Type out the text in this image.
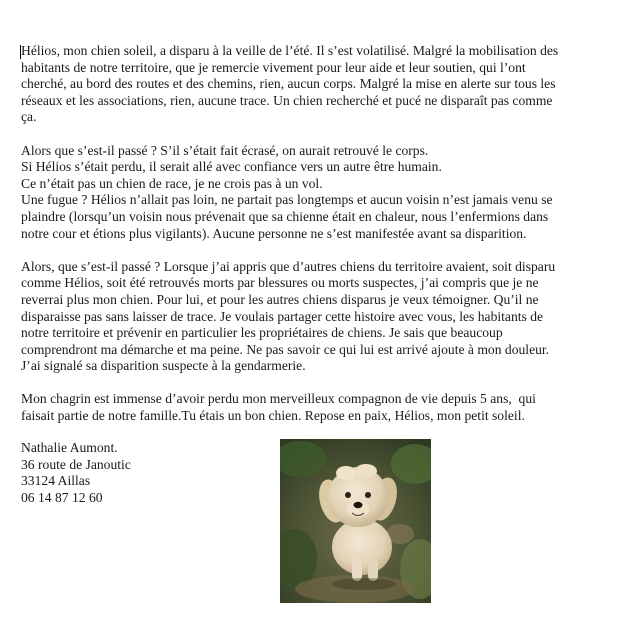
Hélios, mon chien soleil, a disparu à la veille de l’été. Il s’est volatilisé. Malgré la mobilisation des
habitants de notre territoire, que je remercie vivement pour leur aide et leur soutien, qui l’ont
cherché, au bord des routes et des chemins, rien, aucun corps. Malgré la mise en alerte sur tous les
réseaux et les associations, rien, aucune trace. Un chien recherché et pucé ne disparaît pas comme
ça.

Alors que s’est-il passé ? S’il s’était fait écrasé, on aurait retrouvé le corps.
Si Hélios s’était perdu, il serait allé avec confiance vers un autre être humain.
Ce n’était pas un chien de race, je ne crois pas à un vol.
Une fugue ? Hélios n’allait pas loin, ne partait pas longtemps et aucun voisin n’est jamais venu se
plaindre (lorsqu’un voisin nous prévenait que sa chienne était en chaleur, nous l’enfermions dans
notre cour et étions plus vigilants). Aucune personne ne s’est manifestée avant sa disparition.

Alors, que s’est-il passé ? Lorsque j’ai appris que d’autres chiens du territoire avaient, soit disparu
comme Hélios, soit été retrouvés morts par blessures ou morts suspectes, j’ai compris que je ne
reverrai plus mon chien. Pour lui, et pour les autres chiens disparus je veux témoigner. Qu’il ne
disparaisse pas sans laisser de trace. Je voulais partager cette histoire avec vous, les habitants de
notre territoire et prévenir en particulier les propriétaires de chiens. Je sais que beaucoup
comprendront ma démarche et ma peine. Ne pas savoir ce qui lui est arrivé ajoute à mon douleur.
J’ai signalé sa disparition suspecte à la gendarmerie.

Mon chagrin est immense d’avoir perdu mon merveilleux compagnon de vie depuis 5 ans,  qui
faisait partie de notre famille.Tu étais un bon chien. Repose en paix, Hélios, mon petit soleil.

Nathalie Aumont.
36 route de Janoutic
33124 Aillas
06 14 87 12 60
